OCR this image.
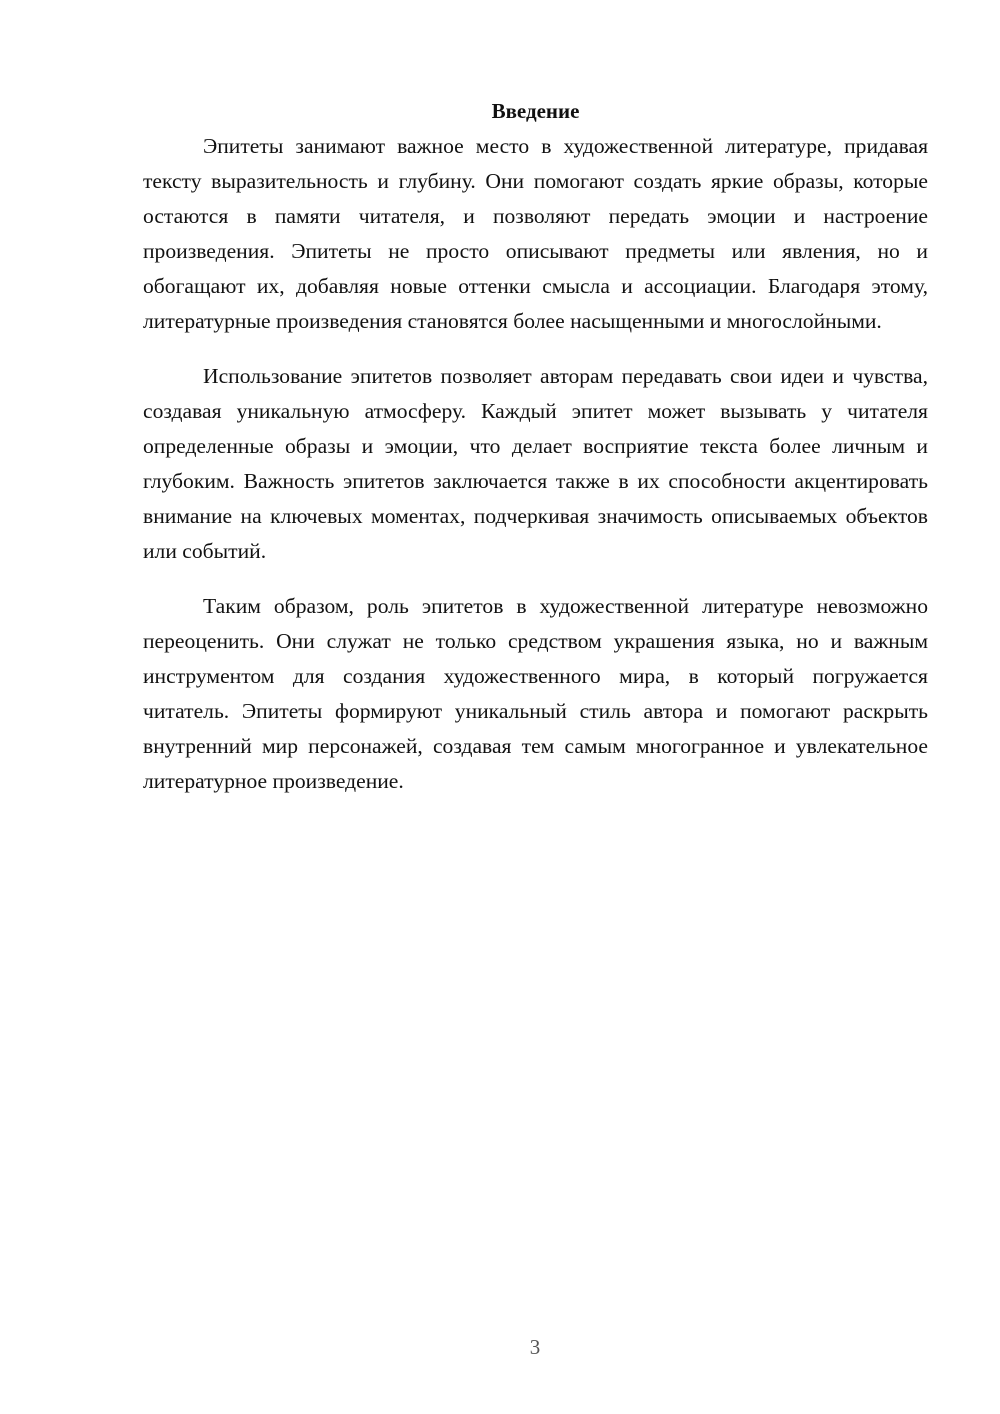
Введение

Эпитеты занимают важное место в художественной литературе, придавая тексту выразительность и глубину. Они помогают создать яркие образы, которые остаются в памяти читателя, и позволяют передать эмоции и настроение произведения. Эпитеты не просто описывают предметы или явления, но и обогащают их, добавляя новые оттенки смысла и ассоциации. Благодаря этому, литературные произведения становятся более насыщенными и многослойными.

Использование эпитетов позволяет авторам передавать свои идеи и чувства, создавая уникальную атмосферу. Каждый эпитет может вызывать у читателя определенные образы и эмоции, что делает восприятие текста более личным и глубоким. Важность эпитетов заключается также в их способности акцентировать внимание на ключевых моментах, подчеркивая значимость описываемых объектов или событий.

Таким образом, роль эпитетов в художественной литературе невозможно переоценить. Они служат не только средством украшения языка, но и важным инструментом для создания художественного мира, в который погружается читатель. Эпитеты формируют уникальный стиль автора и помогают раскрыть внутренний мир персонажей, создавая тем самым многогранное и увлекательное литературное произведение.

3
